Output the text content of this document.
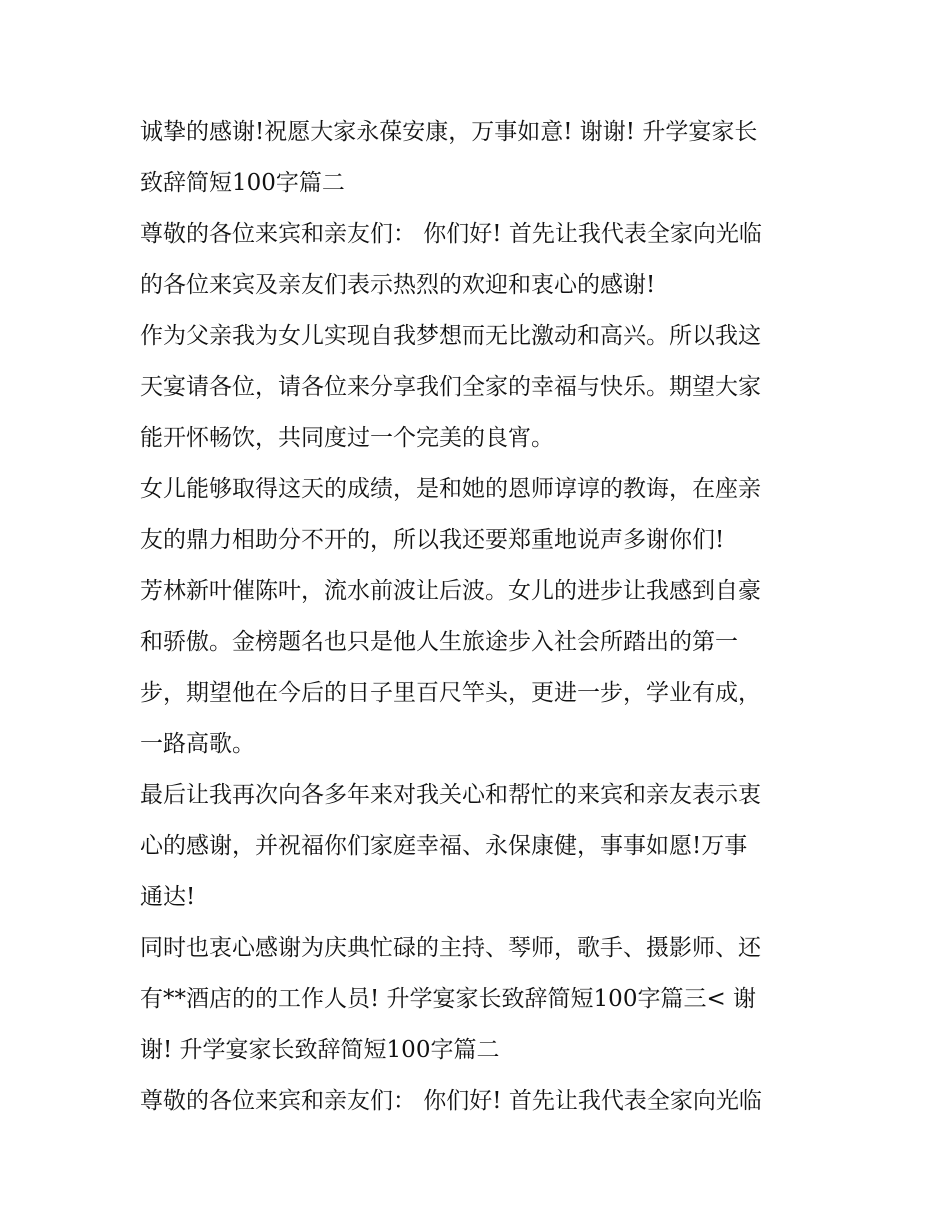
诚挚的感谢!祝愿大家永葆安康，万事如意! 谢谢! 升学宴家长
致辞简短100字篇二
尊敬的各位来宾和亲友们： 你们好! 首先让我代表全家向光临
的各位来宾及亲友们表示热烈的欢迎和衷心的感谢!
作为父亲我为女儿实现自我梦想而无比激动和高兴。所以我这
天宴请各位，请各位来分享我们全家的幸福与快乐。期望大家
能开怀畅饮，共同度过一个完美的良宵。
女儿能够取得这天的成绩，是和她的恩师谆谆的教诲，在座亲
友的鼎力相助分不开的，所以我还要郑重地说声多谢你们!
芳林新叶催陈叶，流水前波让后波。女儿的进步让我感到自豪
和骄傲。金榜题名也只是他人生旅途步入社会所踏出的第一
步，期望他在今后的日子里百尺竿头，更进一步，学业有成，
一路高歌。
最后让我再次向各多年来对我关心和帮忙的来宾和亲友表示衷
心的感谢，并祝福你们家庭幸福、永保康健，事事如愿!万事
通达!
同时也衷心感谢为庆典忙碌的主持、琴师，歌手、摄影师、还
有**酒店的的工作人员! 升学宴家长致辞简短100字篇三< 谢
谢! 升学宴家长致辞简短100字篇二
尊敬的各位来宾和亲友们： 你们好! 首先让我代表全家向光临
